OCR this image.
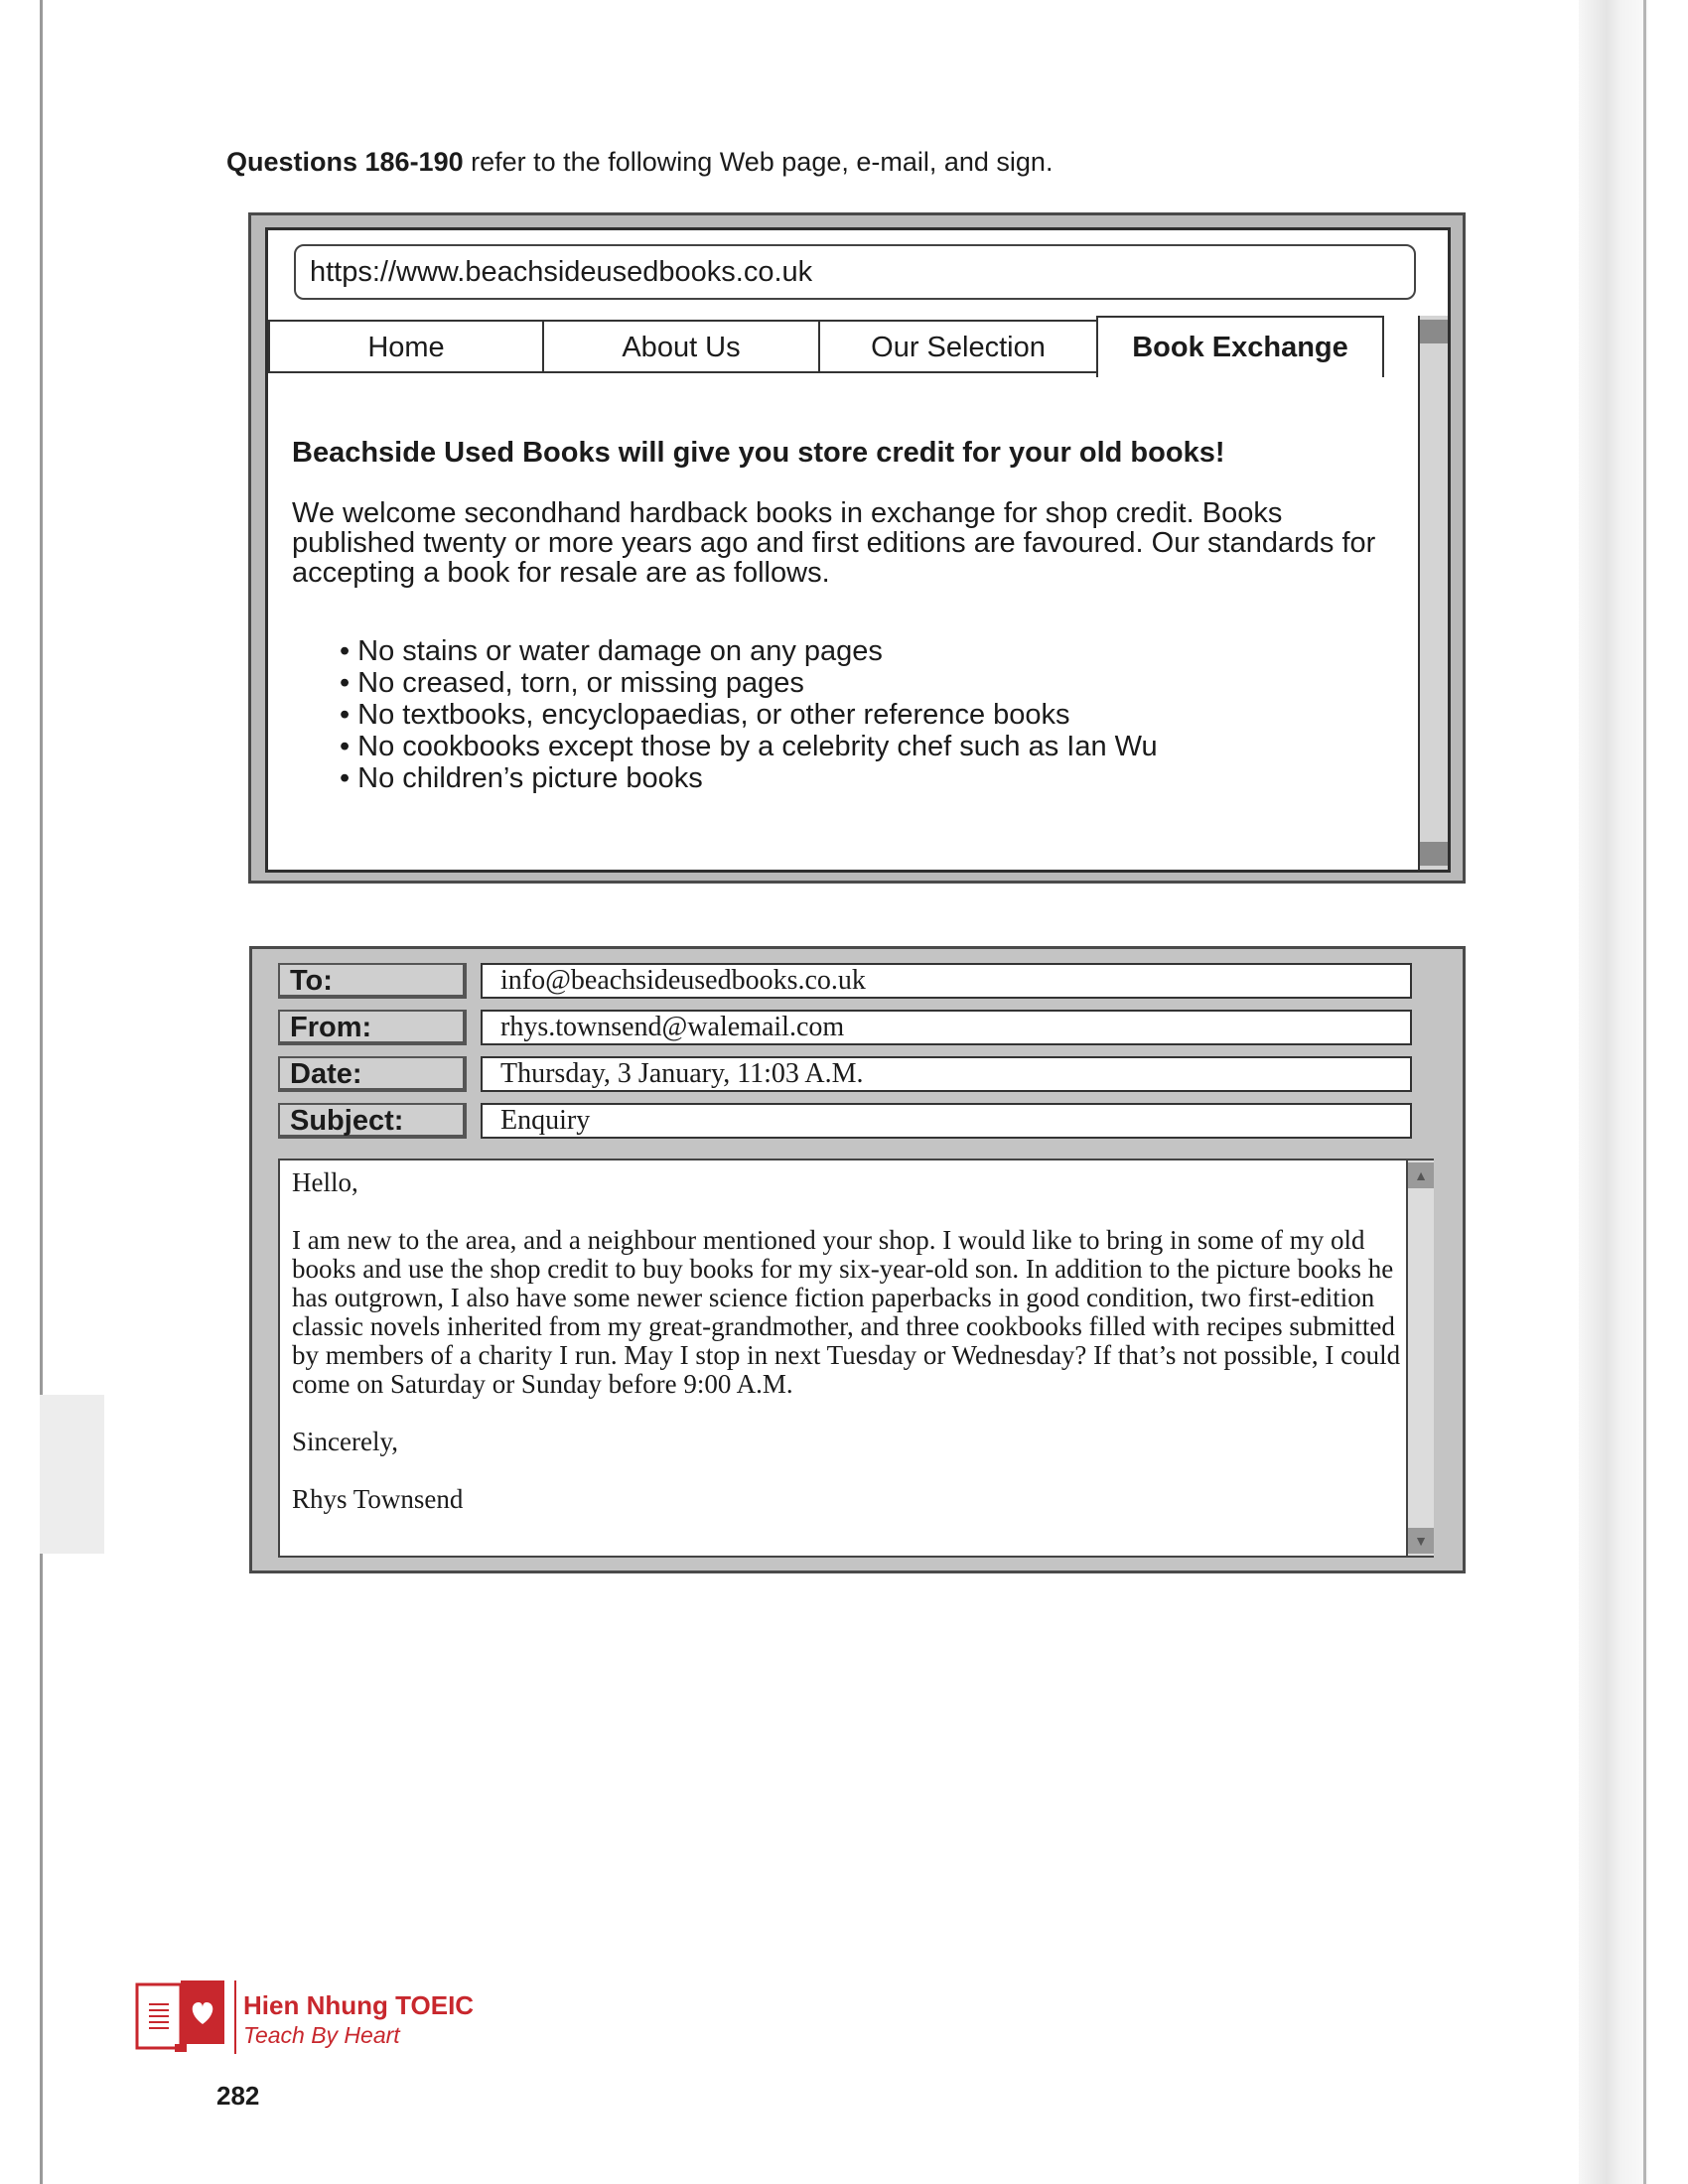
Questions 186-190 refer to the following Web page, e-mail, and sign.
https://www.beachsideusedbooks.co.uk
Home	About Us	Our Selection	Book Exchange
Beachside Used Books will give you store credit for your old books!
We welcome secondhand hardback books in exchange for shop credit. Books published twenty or more years ago and first editions are favoured. Our standards for accepting a book for resale are as follows.
• No stains or water damage on any pages
• No creased, torn, or missing pages
• No textbooks, encyclopaedias, or other reference books
• No cookbooks except those by a celebrity chef such as Ian Wu
• No children’s picture books
To:	info@beachsideusedbooks.co.uk
From:	rhys.townsend@walemail.com
Date:	Thursday, 3 January, 11:03 A.M.
Subject:	Enquiry

Hello,

I am new to the area, and a neighbour mentioned your shop. I would like to bring in some of my old books and use the shop credit to buy books for my six-year-old son. In addition to the picture books he has outgrown, I also have some newer science fiction paperbacks in good condition, two first-edition classic novels inherited from my great-grandmother, and three cookbooks filled with recipes submitted by members of a charity I run. May I stop in next Tuesday or Wednesday? If that’s not possible, I could come on Saturday or Sunday before 9:00 A.M.

Sincerely,

Rhys Townsend

▲
▼
Hien Nhung TOEIC
Teach By Heart
282
